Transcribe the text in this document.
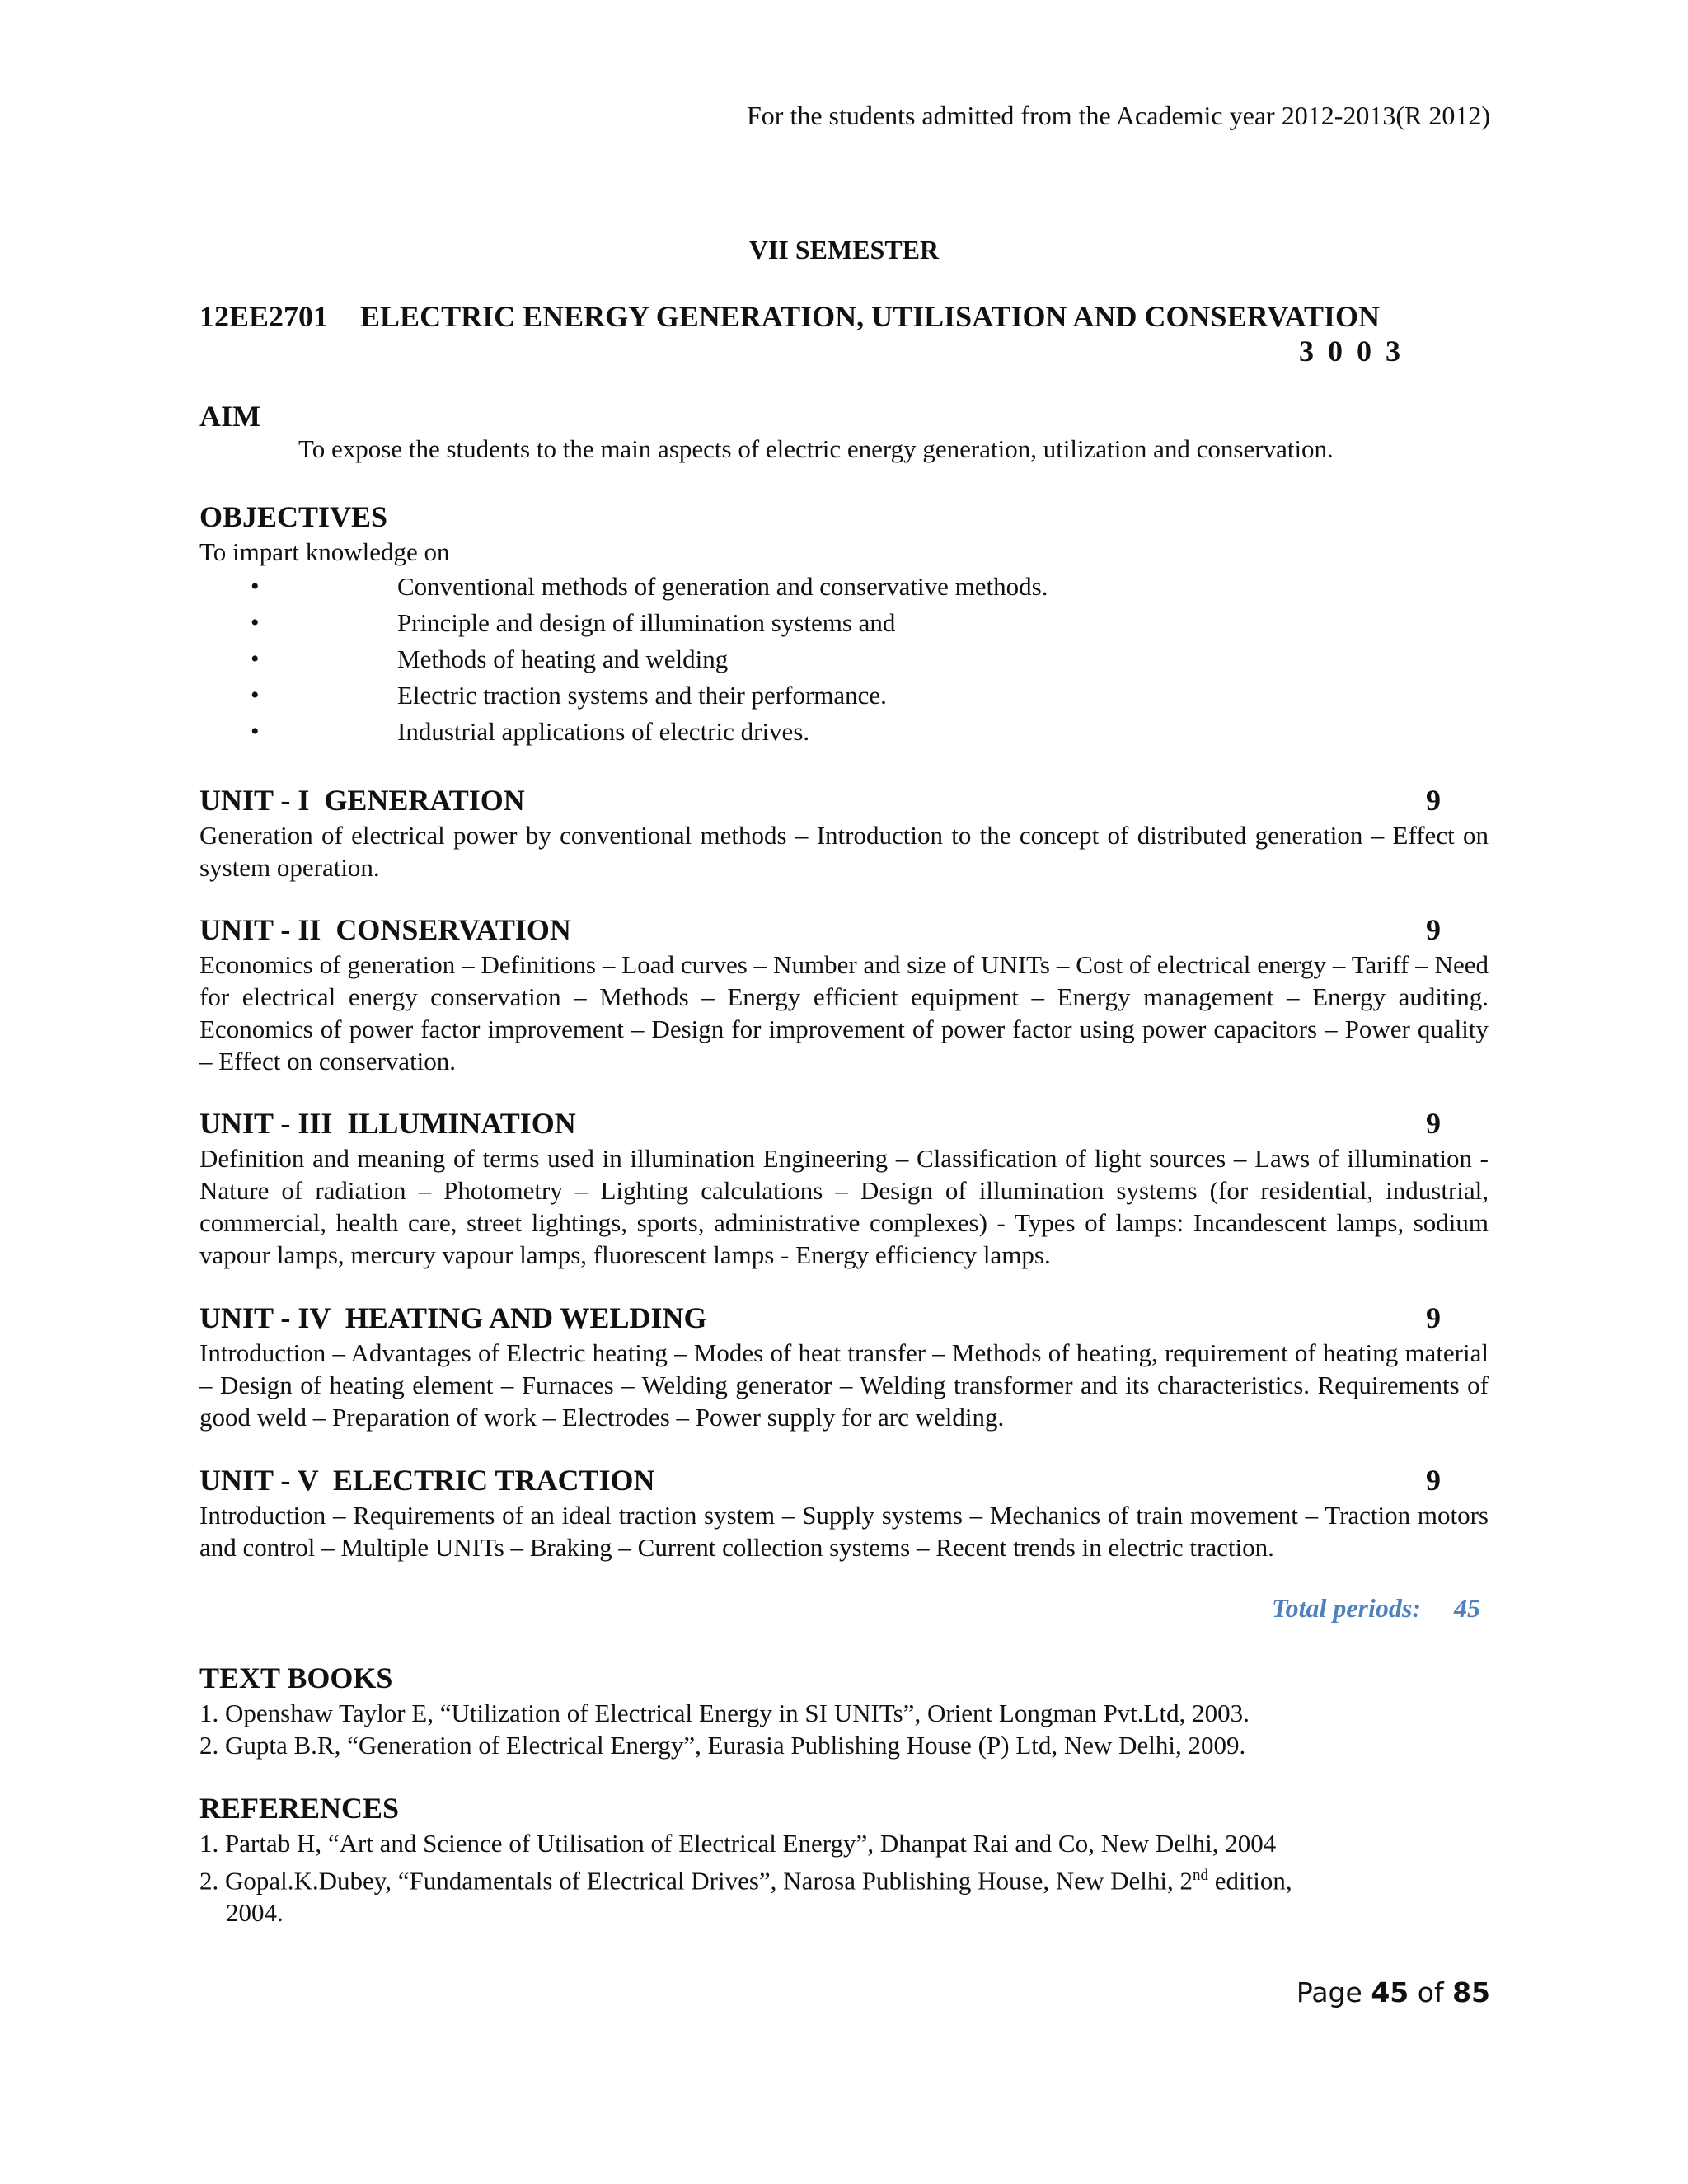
For the students admitted from the Academic year 2012-2013(R 2012)
VII SEMESTER
12EE2701 ELECTRIC ENERGY GENERATION, UTILISATION AND CONSERVATION
3 0 0 3
AIM
To expose the students to the main aspects of electric energy generation, utilization and conservation.
OBJECTIVES
To impart knowledge on
•	Conventional methods of generation and conservative methods.
•	Principle and design of illumination systems and
•	Methods of heating and welding
•	Electric traction systems and their performance.
•	Industrial applications of electric drives.
UNIT - I  GENERATION	9

Generation of electrical power by conventional methods – Introduction to the concept of distributed generation – Effect on system operation.

UNIT - II  CONSERVATION	9

Economics of generation – Definitions – Load curves – Number and size of UNITs – Cost of electrical energy – Tariff – Need for electrical energy conservation – Methods – Energy efficient equipment – Energy management – Energy auditing. Economics of power factor improvement – Design for improvement of power factor using power capacitors – Power quality – Effect on conservation.

UNIT - III  ILLUMINATION	9

Definition and meaning of terms used in illumination Engineering – Classification of light sources – Laws of illumination - Nature of radiation – Photometry – Lighting calculations – Design of illumination systems (for residential, industrial, commercial, health care, street lightings, sports, administrative complexes) - Types of lamps: Incandescent lamps, sodium vapour lamps, mercury vapour lamps, fluorescent lamps - Energy efficiency lamps.

UNIT - IV  HEATING AND WELDING	9

Introduction – Advantages of Electric heating – Modes of heat transfer – Methods of heating, requirement of heating material – Design of heating element – Furnaces – Welding generator – Welding transformer and its characteristics. Requirements of good weld – Preparation of work – Electrodes – Power supply for arc welding.

UNIT - V  ELECTRIC TRACTION	9

Introduction – Requirements of an ideal traction system – Supply systems – Mechanics of train movement – Traction motors and control – Multiple UNITs – Braking – Current collection systems – Recent trends in electric traction.

Total periods: 45
TEXT BOOKS
1. Openshaw Taylor E, “Utilization of Electrical Energy in SI UNITs”, Orient Longman Pvt.Ltd, 2003.
2. Gupta B.R, “Generation of Electrical Energy”, Eurasia Publishing House (P) Ltd, New Delhi, 2009.
REFERENCES
1. Partab H, “Art and Science of Utilisation of Electrical Energy”, Dhanpat Rai and Co, New Delhi, 2004
2. Gopal.K.Dubey, “Fundamentals of Electrical Drives”, Narosa Publishing House, New Delhi, 2nd edition,
2004.
Page 45 of 85
